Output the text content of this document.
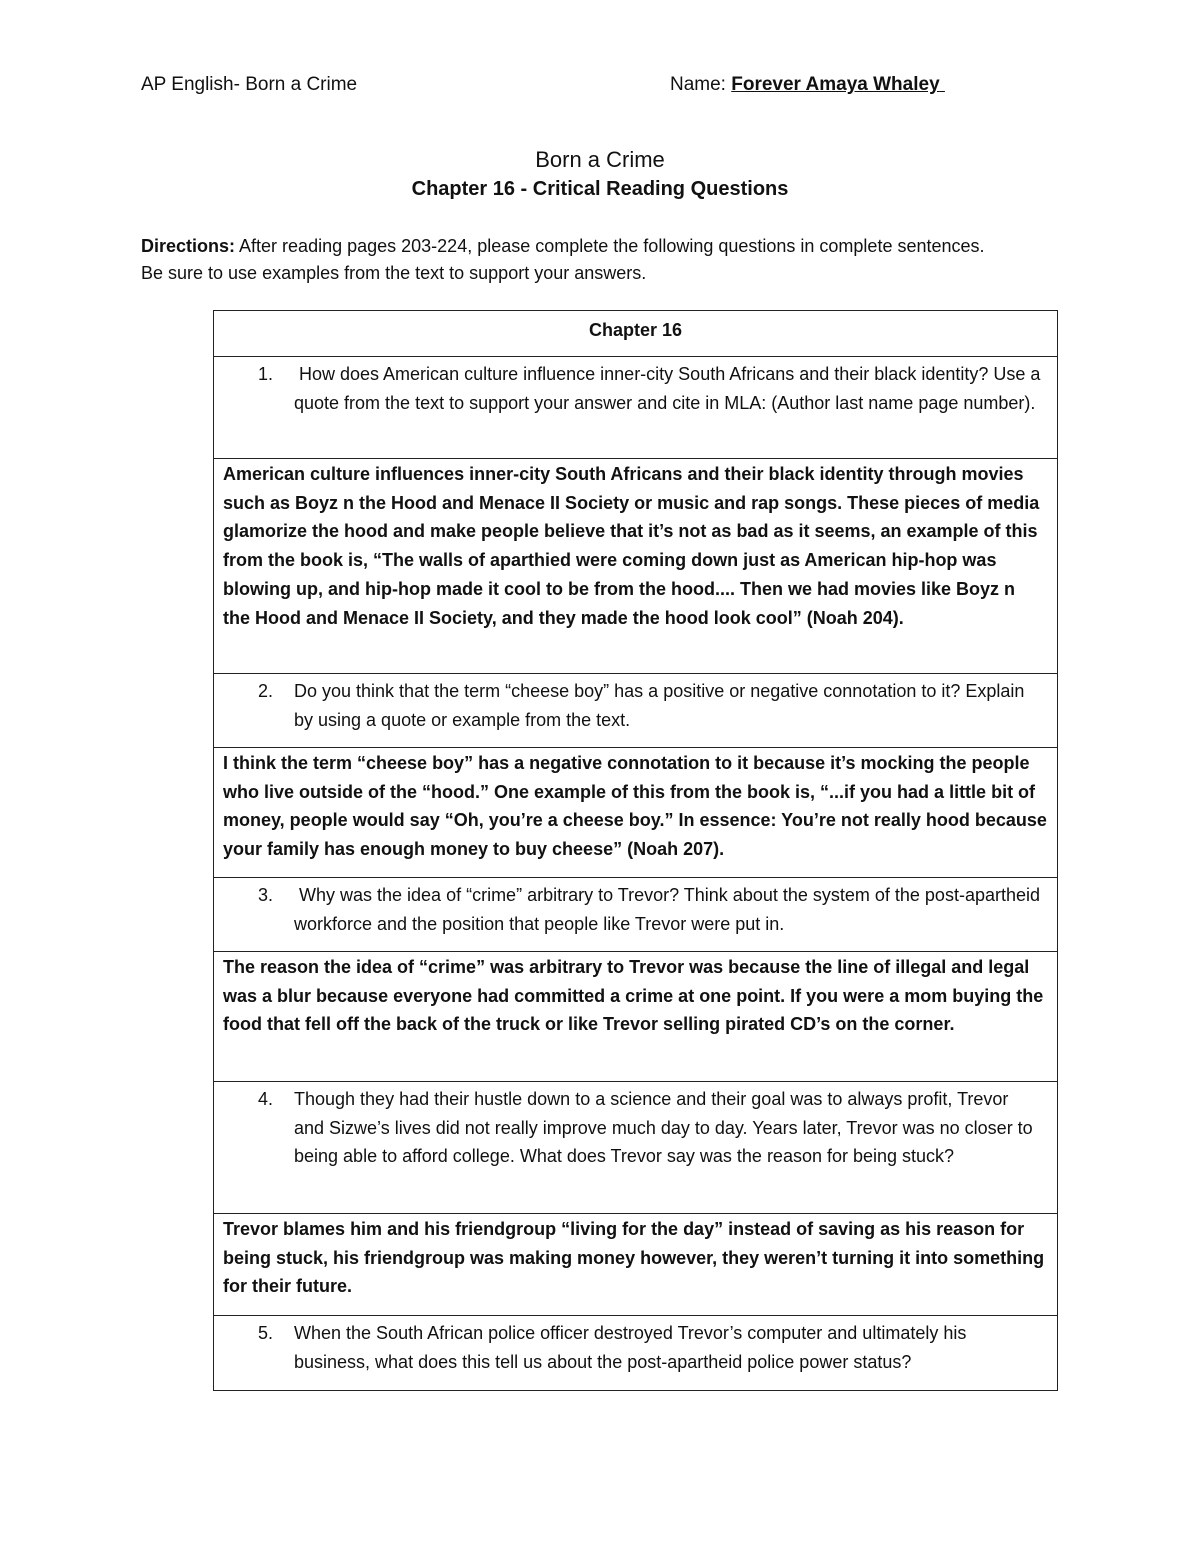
AP English- Born a Crime	Name: Forever Amaya Whaley
Born a Crime
Chapter 16 - Critical Reading Questions
Directions: After reading pages 203-224, please complete the following questions in complete sentences. Be sure to use examples from the text to support your answers.
Chapter 16

1.	How does American culture influence inner-city South Africans and their black identity? Use a quote from the text to support your answer and cite in MLA: (Author last name page number).

American culture influences inner-city South Africans and their black identity through movies such as Boyz n the Hood and Menace II Society or music and rap songs. These pieces of media glamorize the hood and make people believe that it’s not as bad as it seems, an example of this from the book is, “The walls of aparthied were coming down just as American hip-hop was blowing up, and hip-hop made it cool to be from the hood.... Then we had movies like Boyz n the Hood and Menace II Society, and they made the hood look cool” (Noah 204).

2.	Do you think that the term “cheese boy” has a positive or negative connotation to it? Explain by using a quote or example from the text.

I think the term “cheese boy” has a negative connotation to it because it’s mocking the people who live outside of the “hood.” One example of this from the book is, “...if you had a little bit of money, people would say “Oh, you’re a cheese boy.” In essence: You’re not really hood because your family has enough money to buy cheese” (Noah 207).

3.	Why was the idea of “crime” arbitrary to Trevor? Think about the system of the post-apartheid workforce and the position that people like Trevor were put in.

The reason the idea of “crime” was arbitrary to Trevor was because the line of illegal and legal was a blur because everyone had committed a crime at one point. If you were a mom buying the food that fell off the back of the truck or like Trevor selling pirated CD’s on the corner.

4.	Though they had their hustle down to a science and their goal was to always profit, Trevor and Sizwe’s lives did not really improve much day to day. Years later, Trevor was no closer to being able to afford college. What does Trevor say was the reason for being stuck?

Trevor blames him and his friendgroup “living for the day” instead of saving as his reason for being stuck, his friendgroup was making money however, they weren’t turning it into something for their future.

5.	When the South African police officer destroyed Trevor’s computer and ultimately his business, what does this tell us about the post-apartheid police power status?
